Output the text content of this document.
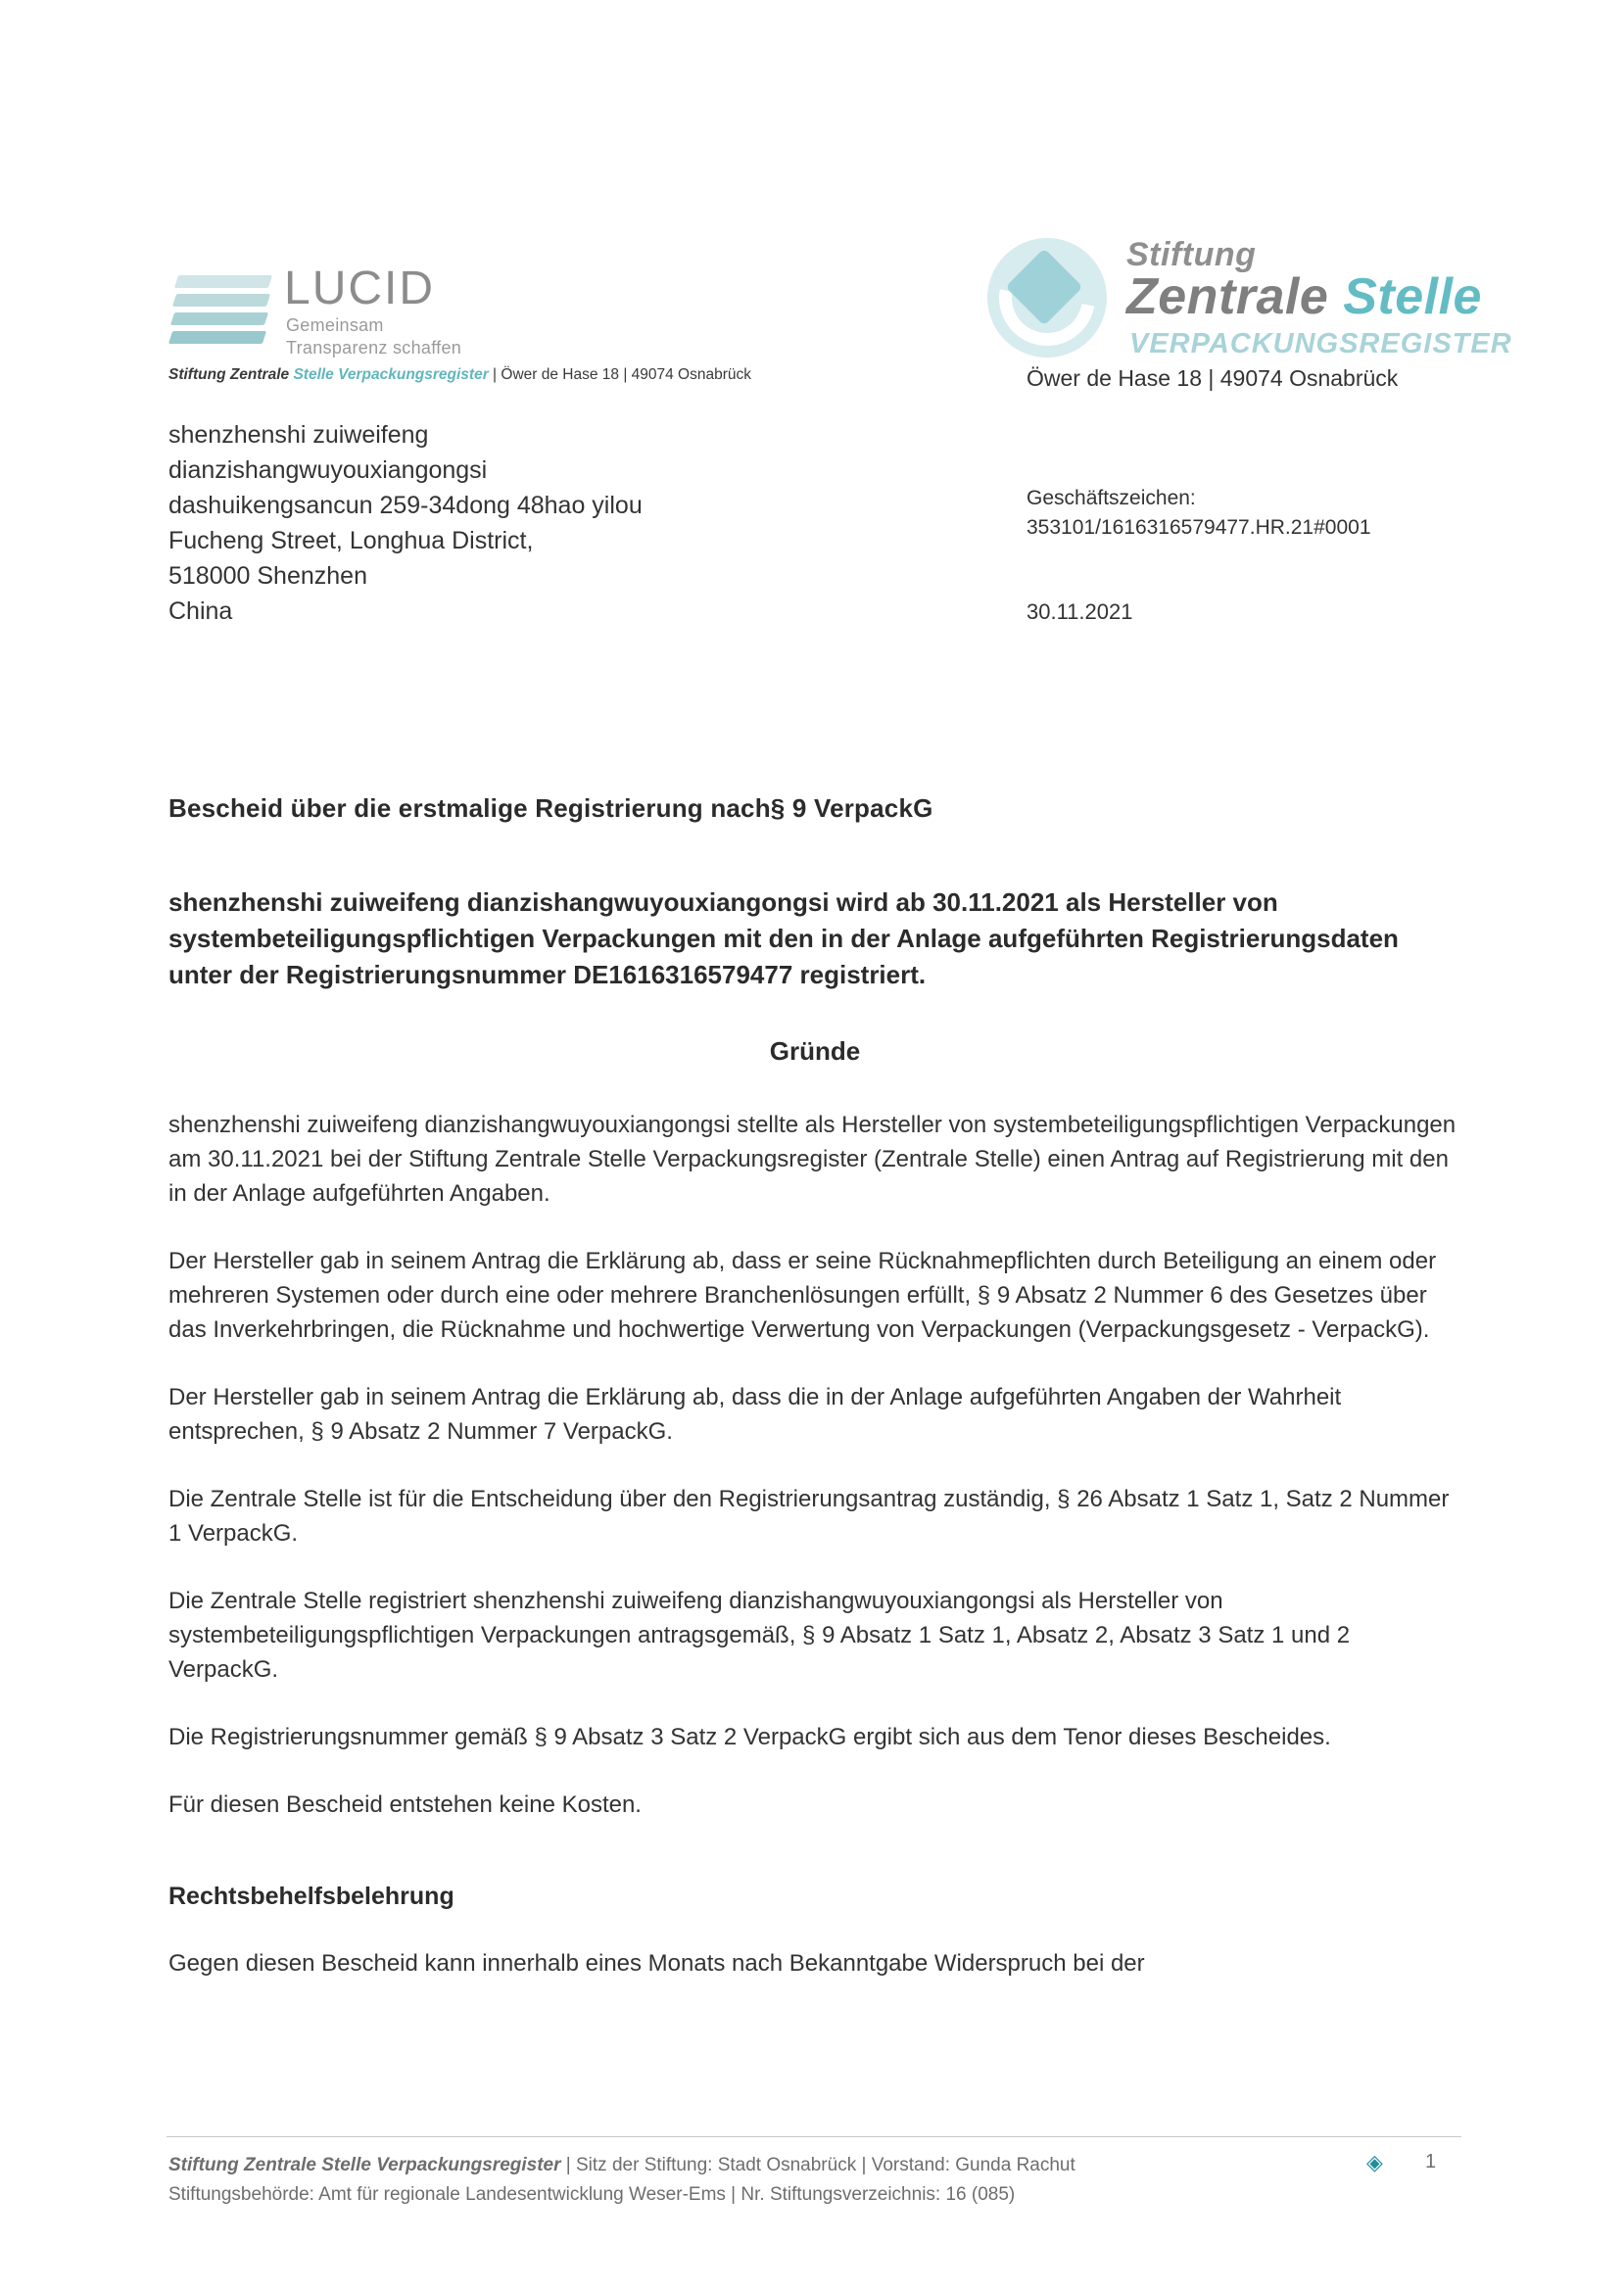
LUCID
Gemeinsam
Transparenz schaffen
Stiftung
Zentrale Stelle
VERPACKUNGSREGISTER
Stiftung Zentrale Stelle Verpackungsregister | Öwer de Hase 18 | 49074 Osnabrück
shenzhenshi zuiweifeng
dianzishangwuyouxiangongsi
dashuikengsancun 259-34dong 48hao yilou
Fucheng Street, Longhua District,
518000 Shenzhen
China
Öwer de Hase 18 | 49074 Osnabrück
Geschäftszeichen:
353101/1616316579477.HR.21#0001
30.11.2021
Bescheid über die erstmalige Registrierung nach§ 9 VerpackG

shenzhenshi zuiweifeng dianzishangwuyouxiangongsi wird ab 30.11.2021 als Hersteller von systembeteiligungspflichtigen Verpackungen mit den in der Anlage aufgeführten Registrierungsdaten unter der Registrierungsnummer DE1616316579477 registriert.

Gründe

shenzhenshi zuiweifeng dianzishangwuyouxiangongsi stellte als Hersteller von systembeteiligungspflichtigen Verpackungen am 30.11.2021 bei der Stiftung Zentrale Stelle Verpackungsregister (Zentrale Stelle) einen Antrag auf Registrierung mit den in der Anlage aufgeführten Angaben.

Der Hersteller gab in seinem Antrag die Erklärung ab, dass er seine Rücknahmepflichten durch Beteiligung an einem oder mehreren Systemen oder durch eine oder mehrere Branchenlösungen erfüllt, § 9 Absatz 2 Nummer 6 des Gesetzes über das Inverkehrbringen, die Rücknahme und hochwertige Verwertung von Verpackungen (Verpackungsgesetz - VerpackG).

Der Hersteller gab in seinem Antrag die Erklärung ab, dass die in der Anlage aufgeführten Angaben der Wahrheit entsprechen, § 9 Absatz 2 Nummer 7 VerpackG.

Die Zentrale Stelle ist für die Entscheidung über den Registrierungsantrag zuständig, § 26 Absatz 1 Satz 1, Satz 2 Nummer 1 VerpackG.

Die Zentrale Stelle registriert shenzhenshi zuiweifeng dianzishangwuyouxiangongsi als Hersteller von systembeteiligungspflichtigen Verpackungen antragsgemäß, § 9 Absatz 1 Satz 1, Absatz 2, Absatz 3 Satz 1 und 2 VerpackG.

Die Registrierungsnummer gemäß § 9 Absatz 3 Satz 2 VerpackG ergibt sich aus dem Tenor dieses Bescheides.

Für diesen Bescheid entstehen keine Kosten.

Rechtsbehelfsbelehrung

Gegen diesen Bescheid kann innerhalb eines Monats nach Bekanntgabe Widerspruch bei der

Stiftung Zentrale Stelle Verpackungsregister | Sitz der Stiftung: Stadt Osnabrück | Vorstand: Gunda Rachut
Stiftungsbehörde: Amt für regionale Landesentwicklung Weser-Ems | Nr. Stiftungsverzeichnis: 16 (085)
◈ 1
